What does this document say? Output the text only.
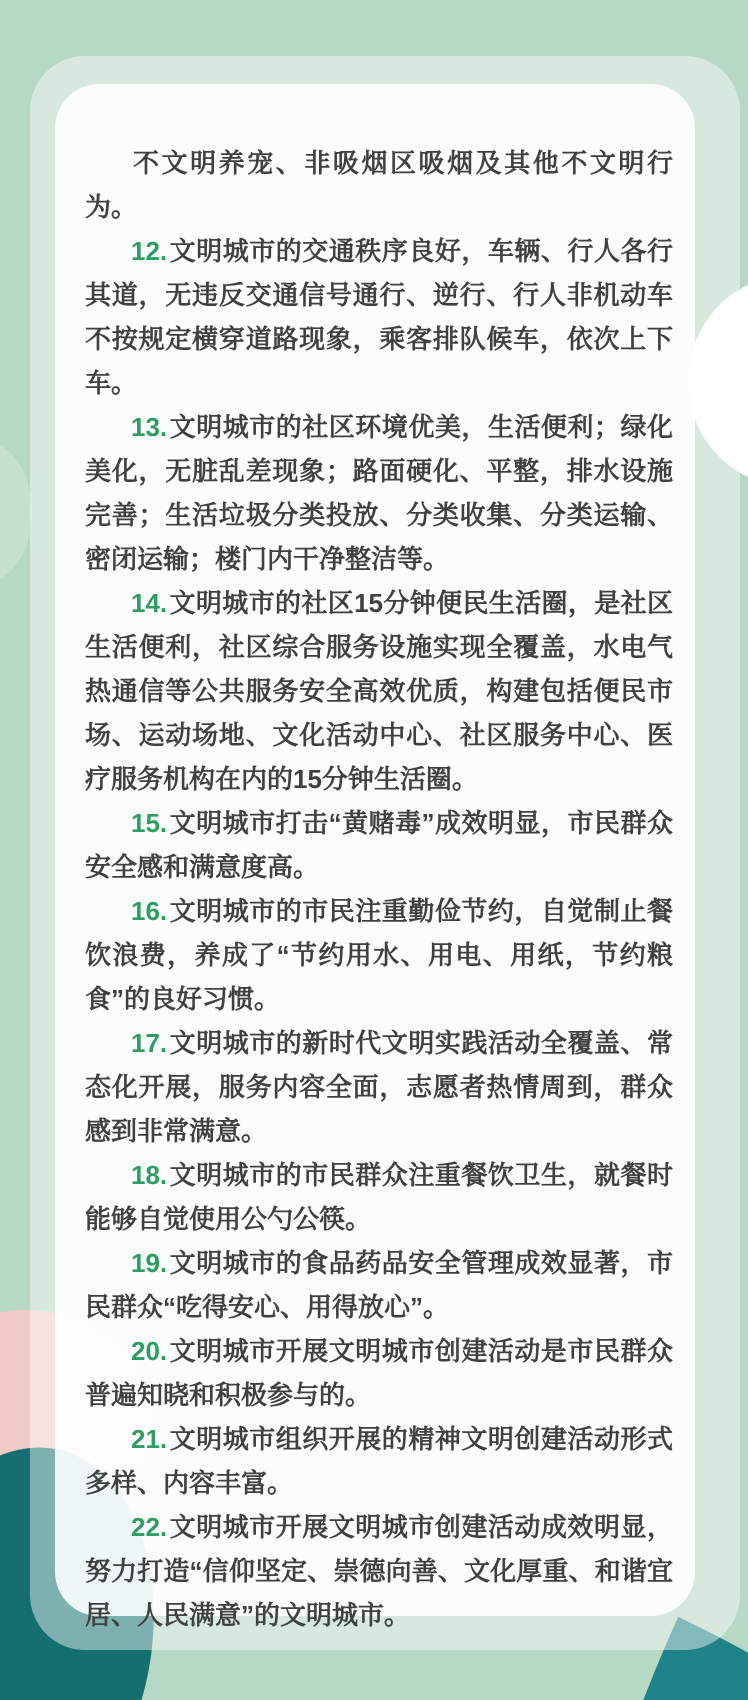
不文明养宠、非吸烟区吸烟及其他不文明行为。

12.文明城市的交通秩序良好，车辆、行人各行其道，无违反交通信号通行、逆行、行人非机动车不按规定横穿道路现象，乘客排队候车，依次上下车。

13.文明城市的社区环境优美，生活便利；绿化美化，无脏乱差现象；路面硬化、平整，排水设施完善；生活垃圾分类投放、分类收集、分类运输、密闭运输；楼门内干净整洁等。

14.文明城市的社区15分钟便民生活圈，是社区生活便利，社区综合服务设施实现全覆盖，水电气热通信等公共服务安全高效优质，构建包括便民市场、运动场地、文化活动中心、社区服务中心、医疗服务机构在内的15分钟生活圈。

15.文明城市打击“黄赌毒”成效明显，市民群众安全感和满意度高。

16.文明城市的市民注重勤俭节约，自觉制止餐饮浪费，养成了“节约用水、用电、用纸，节约粮食”的良好习惯。

17.文明城市的新时代文明实践活动全覆盖、常态化开展，服务内容全面，志愿者热情周到，群众感到非常满意。

18.文明城市的市民群众注重餐饮卫生，就餐时能够自觉使用公勺公筷。

19.文明城市的食品药品安全管理成效显著，市民群众“吃得安心、用得放心”。

20.文明城市开展文明城市创建活动是市民群众普遍知晓和积极参与的。

21.文明城市组织开展的精神文明创建活动形式多样、内容丰富。

22.文明城市开展文明城市创建活动成效明显，努力打造“信仰坚定、崇德向善、文化厚重、和谐宜居、人民满意”的文明城市。
